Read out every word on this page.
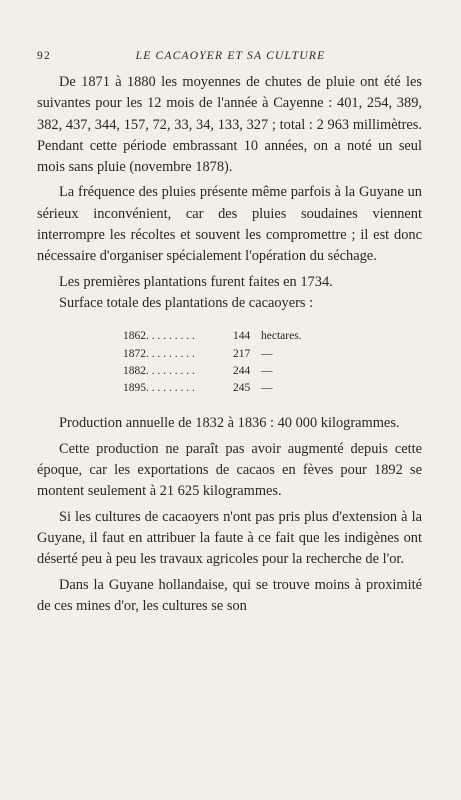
92	LE CACAOYER ET SA CULTURE

De 1871 à 1880 les moyennes de chutes de pluie ont été les suivantes pour les 12 mois de l'année à Cayenne : 401, 254, 389, 382, 437, 344, 157, 72, 33, 34, 133, 327 ; total : 2 963 millimètres. Pendant cette période embrassant 10 années, on a noté un seul mois sans pluie (novembre 1878).

La fréquence des pluies présente même parfois à la Guyane un sérieux inconvénient, car des pluies soudaines viennent interrompre les récoltes et souvent les compromettre ; il est donc nécessaire d'organiser spécialement l'opération du séchage.

Les premières plantations furent faites en 1734.

Surface totale des plantations de cacaoyers :

1862. . . . . . . . .	144	hectares.
1872. . . . . . . . .	217	—
1882. . . . . . . . .	244	—
1895. . . . . . . . .	245	—

Production annuelle de 1832 à 1836 : 40 000 kilogrammes.

Cette production ne paraît pas avoir augmenté depuis cette époque, car les exportations de cacaos en fèves pour 1892 se montent seulement à 21 625 kilogrammes.

Si les cultures de cacaoyers n'ont pas pris plus d'extension à la Guyane, il faut en attribuer la faute à ce fait que les indigènes ont déserté peu à peu les travaux agricoles pour la recherche de l'or.

Dans la Guyane hollandaise, qui se trouve moins à proximité de ces mines d'or, les cultures se son
